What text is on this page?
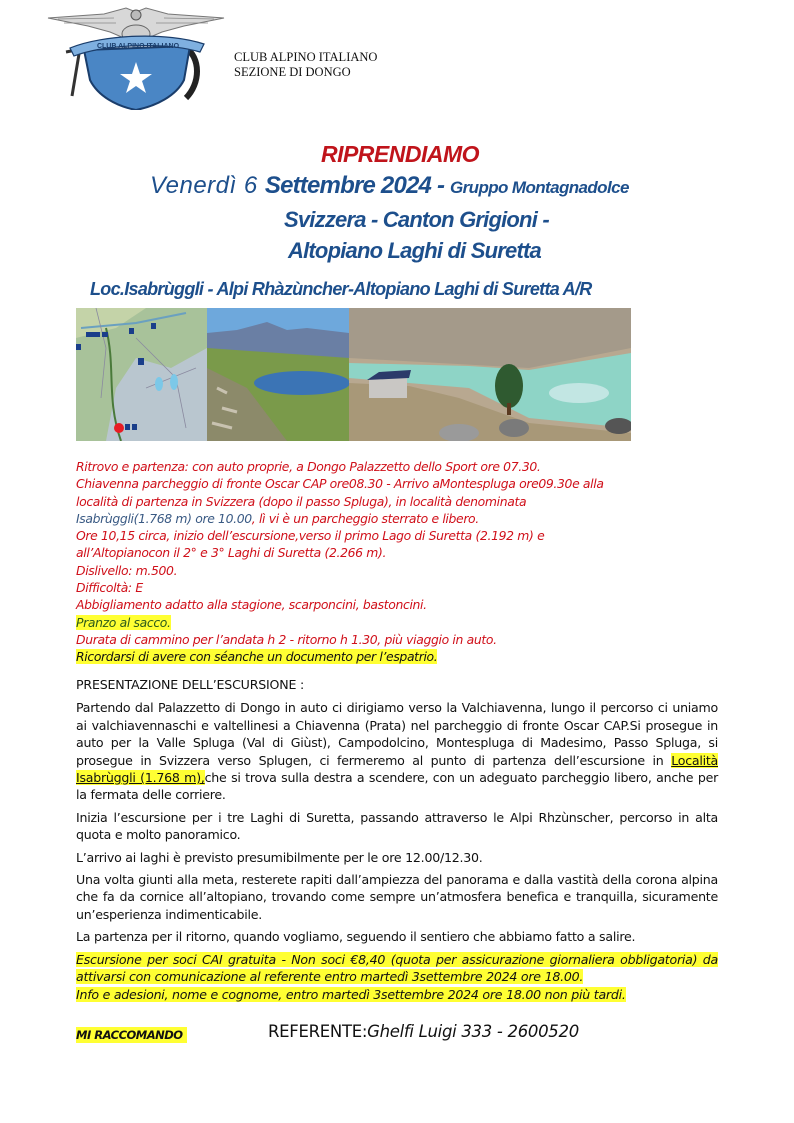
CLUB ALPINO ITALIANO
CLUB ALPINO ITALIANO
SEZIONE DI DONGO
RIPRENDIAMO
Venerdì 6 Settembre 2024 - Gruppo Montagnadolce
Svizzera - Canton Grigioni -
Altopiano Laghi di Suretta
Loc.Isabrùggli - Alpi Rhàzùncher-Altopiano Laghi di Suretta A/R
Ritrovo e partenza: con auto proprie, a Dongo Palazzetto dello Sport ore 07.30.
Chiavenna parcheggio di fronte Oscar CAP ore08.30 - Arrivo aMontespluga ore09.30e alla
località di partenza in Svizzera (dopo il passo Spluga), in località denominata
Isabrùggli(1.768 m) ore 10.00, lì vi è un parcheggio sterrato e libero.
Ore 10,15 circa, inizio dell’escursione,verso il primo Lago di Suretta (2.192 m) e
all’Altopianocon il 2° e 3° Laghi di Suretta (2.266 m).
Dislivello: m.500.
Difficoltà: E
Abbigliamento adatto alla stagione, scarponcini, bastoncini.
Pranzo al sacco.
Durata di cammino per l’andata h 2 - ritorno h 1.30, più viaggio in auto.
Ricordarsi di avere con séanche un documento per l’espatrio.
PRESENTAZIONE DELL’ESCURSIONE :

Partendo dal Palazzetto di Dongo in auto ci dirigiamo verso la Valchiavenna, lungo il percorso ci uniamo ai valchiavennaschi e valtellinesi a Chiavenna (Prata) nel parcheggio di fronte Oscar CAP.Si prosegue in auto per la Valle Spluga (Val di Giùst), Campodolcino, Montespluga di Madesimo, Passo Spluga, si prosegue in Svizzera verso Splugen, ci fermeremo al punto di partenza dell’escursione in Località Isabrùggli (1.768 m),che si trova sulla destra a scendere, con un adeguato parcheggio libero, anche per la fermata delle corriere.

Inizia l’escursione per i tre Laghi di Suretta, passando attraverso le Alpi Rhzùnscher, percorso in alta quota e molto panoramico.

L’arrivo ai laghi è previsto presumibilmente per le ore 12.00/12.30.

Una volta giunti alla meta, resterete rapiti dall’ampiezza del panorama e dalla vastità della corona alpina che fa da cornice all’altopiano, trovando come sempre un’atmosfera benefica e tranquilla, sicuramente un’esperienza indimenticabile.

La partenza per il ritorno, quando vogliamo, seguendo il sentiero che abbiamo fatto a salire.

Escursione per soci CAI gratuita - Non soci €8,40 (quota per assicurazione giornaliera obbligatoria) da attivarsi con comunicazione al referente entro martedì 3settembre 2024 ore 18.00.

Info e adesioni, nome e cognome, entro martedì 3settembre 2024 ore 18.00 non più tardi.

MI RACCOMANDO	REFERENTE:Ghelfi Luigi 333 - 2600520
